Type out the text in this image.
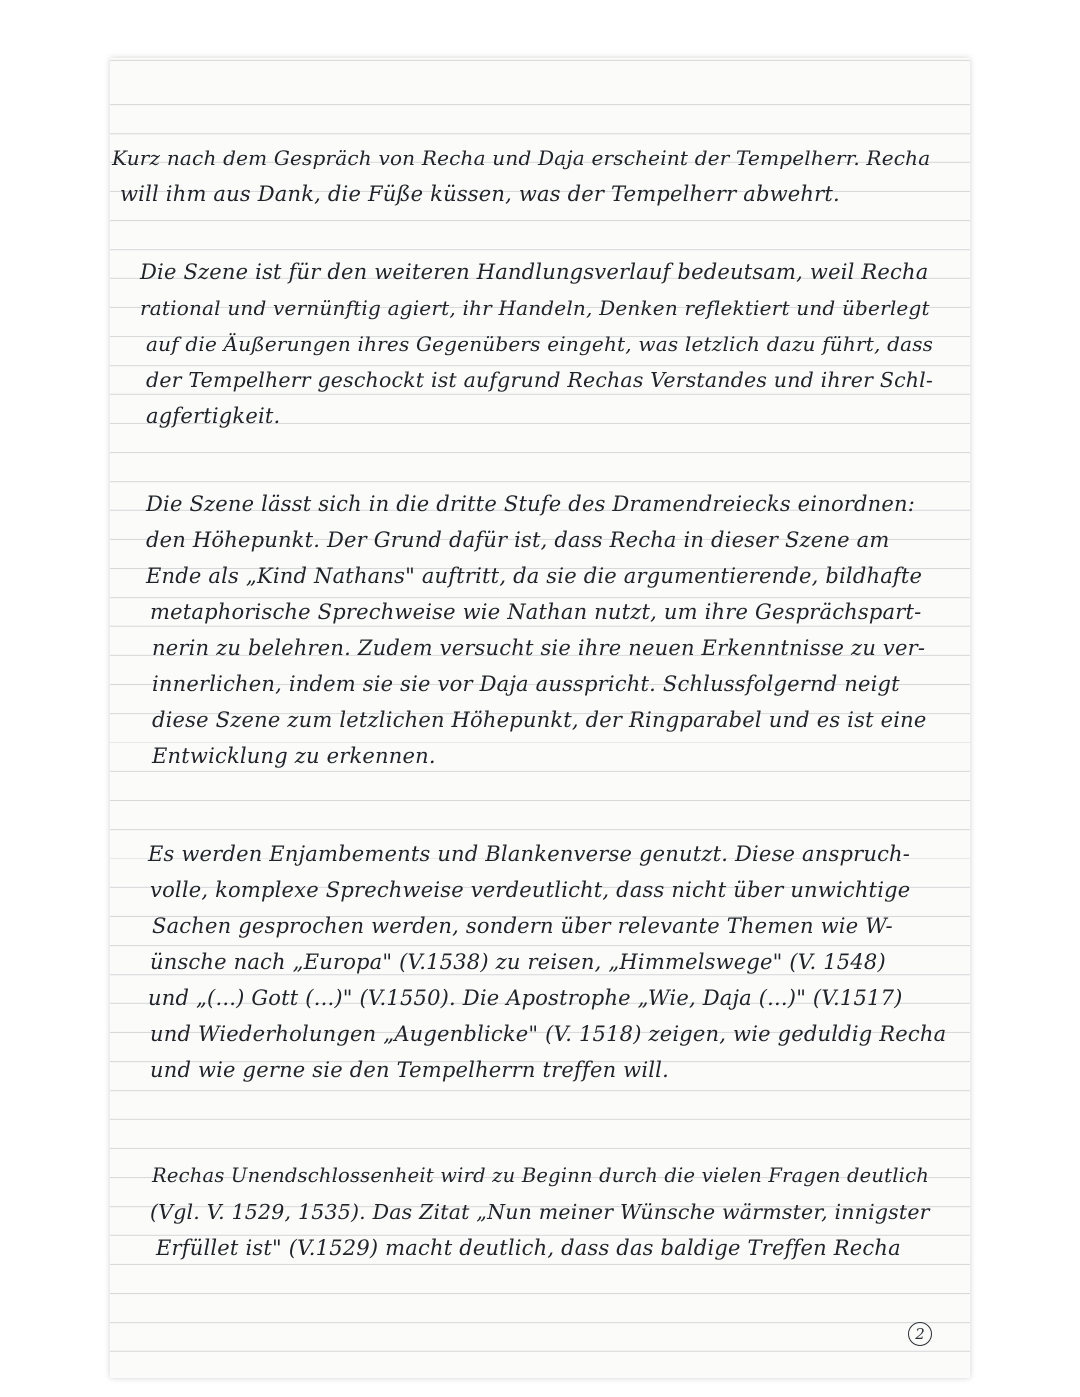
Kurz nach dem Gespräch von Recha und Daja erscheint der Tempelherr. Recha
will ihm aus Dank, die Füße küssen, was der Tempelherr abwehrt.
Die Szene ist für den weiteren Handlungsverlauf bedeutsam, weil Recha
rational und vernünftig agiert, ihr Handeln, Denken reflektiert und überlegt
auf die Äußerungen ihres Gegenübers eingeht, was letzlich dazu führt, dass
der Tempelherr geschockt ist aufgrund Rechas Verstandes und ihrer Schl-
agfertigkeit.
Die Szene lässt sich in die dritte Stufe des Dramendreiecks einordnen:
den Höhepunkt. Der Grund dafür ist, dass Recha in dieser Szene am
Ende als „Kind Nathans" auftritt, da sie die argumentierende, bildhafte
metaphorische Sprechweise wie Nathan nutzt, um ihre Gesprächspart-
nerin zu belehren. Zudem versucht sie ihre neuen Erkenntnisse zu ver-
innerlichen, indem sie sie vor Daja ausspricht. Schlussfolgernd neigt
diese Szene zum letzlichen Höhepunkt, der Ringparabel und es ist eine
Entwicklung zu erkennen.
Es werden Enjambements und Blankenverse genutzt. Diese anspruch-
volle, komplexe Sprechweise verdeutlicht, dass nicht über unwichtige
Sachen gesprochen werden, sondern über relevante Themen wie W-
ünsche nach „Europa" (V.1538) zu reisen, „Himmelswege" (V. 1548)
und „(...) Gott (...)" (V.1550). Die Apostrophe „Wie, Daja (...)" (V.1517)
und Wiederholungen „Augenblicke" (V. 1518) zeigen, wie geduldig Recha
und wie gerne sie den Tempelherrn treffen will.
Rechas Unendschlossenheit wird zu Beginn durch die vielen Fragen deutlich
(Vgl. V. 1529, 1535). Das Zitat „Nun meiner Wünsche wärmster, innigster
Erfüllet ist" (V.1529) macht deutlich, dass das baldige Treffen Recha
2
